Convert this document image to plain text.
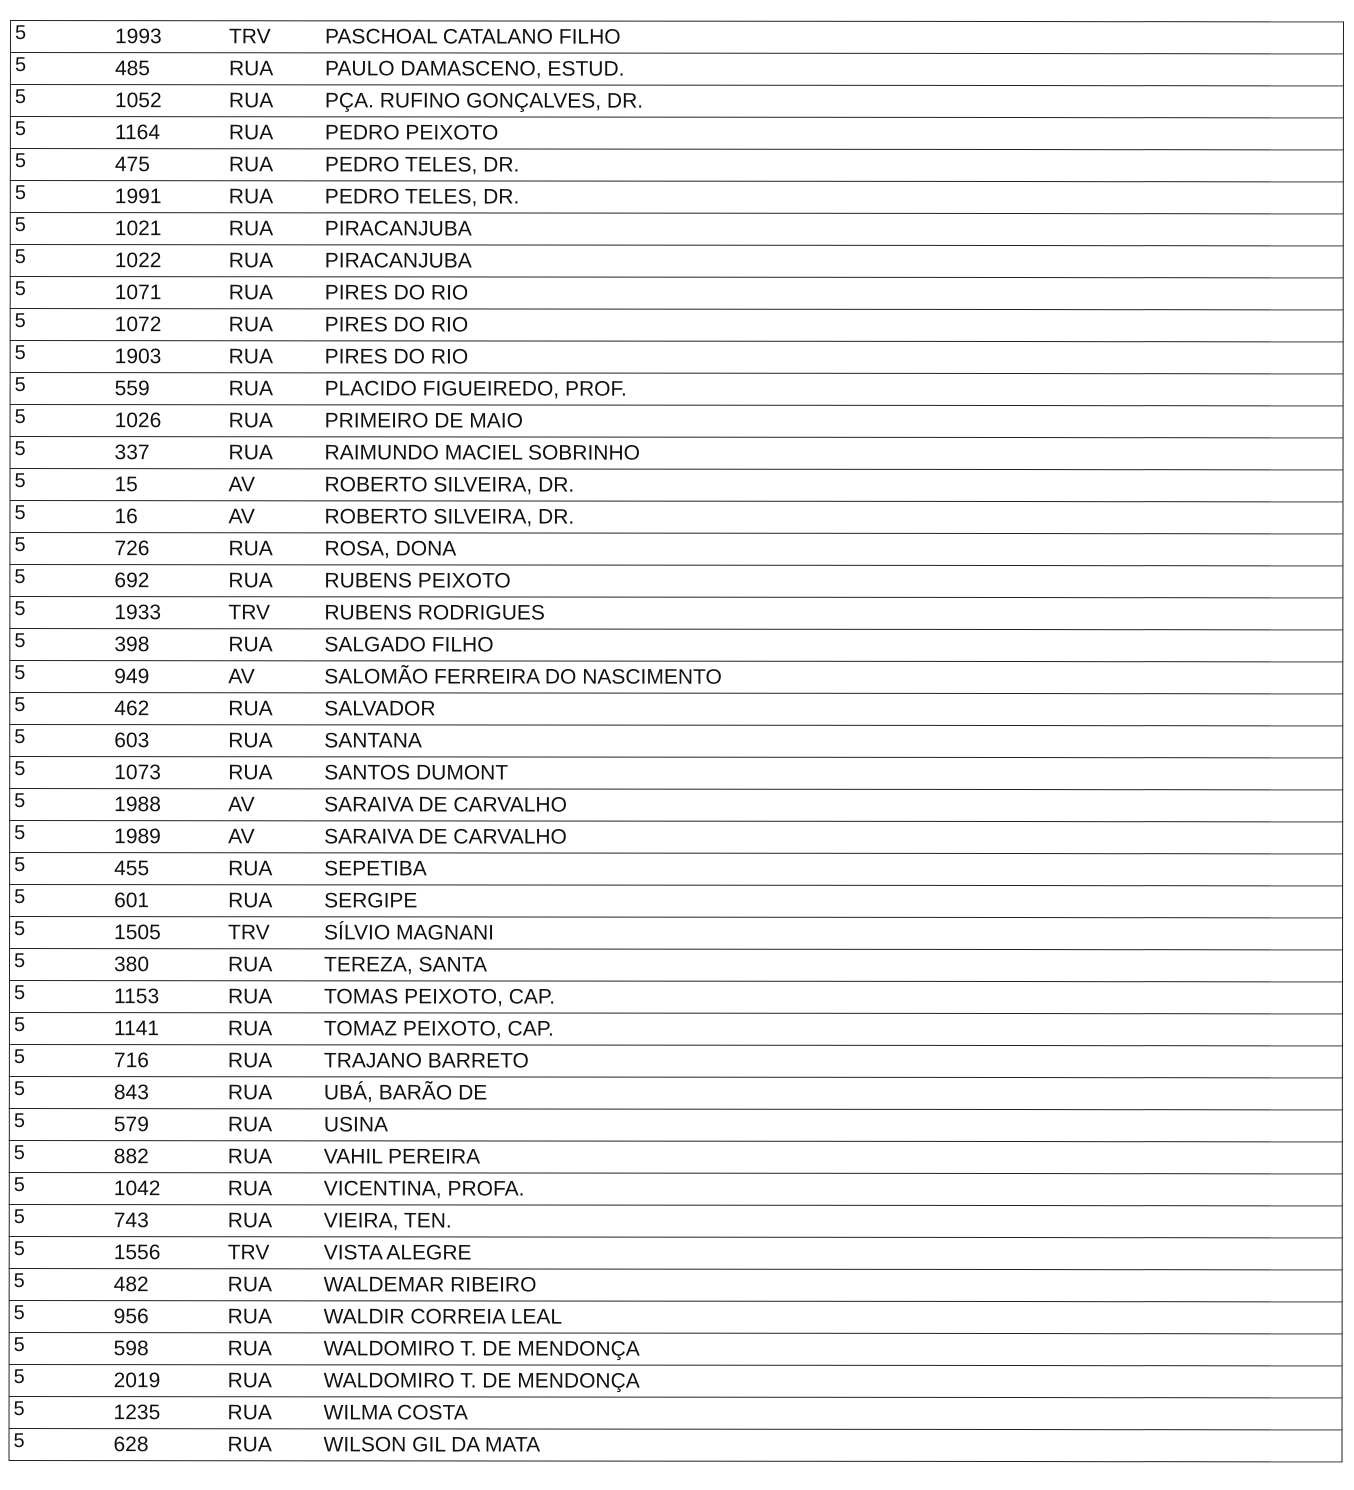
5	1993	TRV	PASCHOAL CATALANO FILHO
5	485	RUA	PAULO DAMASCENO, ESTUD.
5	1052	RUA	PÇA. RUFINO GONÇALVES, DR.
5	1164	RUA	PEDRO PEIXOTO
5	475	RUA	PEDRO TELES, DR.
5	1991	RUA	PEDRO TELES, DR.
5	1021	RUA	PIRACANJUBA
5	1022	RUA	PIRACANJUBA
5	1071	RUA	PIRES DO RIO
5	1072	RUA	PIRES DO RIO
5	1903	RUA	PIRES DO RIO
5	559	RUA	PLACIDO FIGUEIREDO, PROF.
5	1026	RUA	PRIMEIRO DE MAIO
5	337	RUA	RAIMUNDO MACIEL SOBRINHO
5	15	AV	ROBERTO SILVEIRA, DR.
5	16	AV	ROBERTO SILVEIRA, DR.
5	726	RUA	ROSA, DONA
5	692	RUA	RUBENS PEIXOTO
5	1933	TRV	RUBENS RODRIGUES
5	398	RUA	SALGADO FILHO
5	949	AV	SALOMÃO FERREIRA DO NASCIMENTO
5	462	RUA	SALVADOR
5	603	RUA	SANTANA
5	1073	RUA	SANTOS DUMONT
5	1988	AV	SARAIVA DE CARVALHO
5	1989	AV	SARAIVA DE CARVALHO
5	455	RUA	SEPETIBA
5	601	RUA	SERGIPE
5	1505	TRV	SÍLVIO MAGNANI
5	380	RUA	TEREZA, SANTA
5	1153	RUA	TOMAS PEIXOTO, CAP.
5	1141	RUA	TOMAZ PEIXOTO, CAP.
5	716	RUA	TRAJANO BARRETO
5	843	RUA	UBÁ, BARÃO DE
5	579	RUA	USINA
5	882	RUA	VAHIL PEREIRA
5	1042	RUA	VICENTINA, PROFA.
5	743	RUA	VIEIRA, TEN.
5	1556	TRV	VISTA ALEGRE
5	482	RUA	WALDEMAR RIBEIRO
5	956	RUA	WALDIR CORREIA LEAL
5	598	RUA	WALDOMIRO T. DE MENDONÇA
5	2019	RUA	WALDOMIRO T. DE MENDONÇA
5	1235	RUA	WILMA COSTA
5	628	RUA	WILSON GIL DA MATA
